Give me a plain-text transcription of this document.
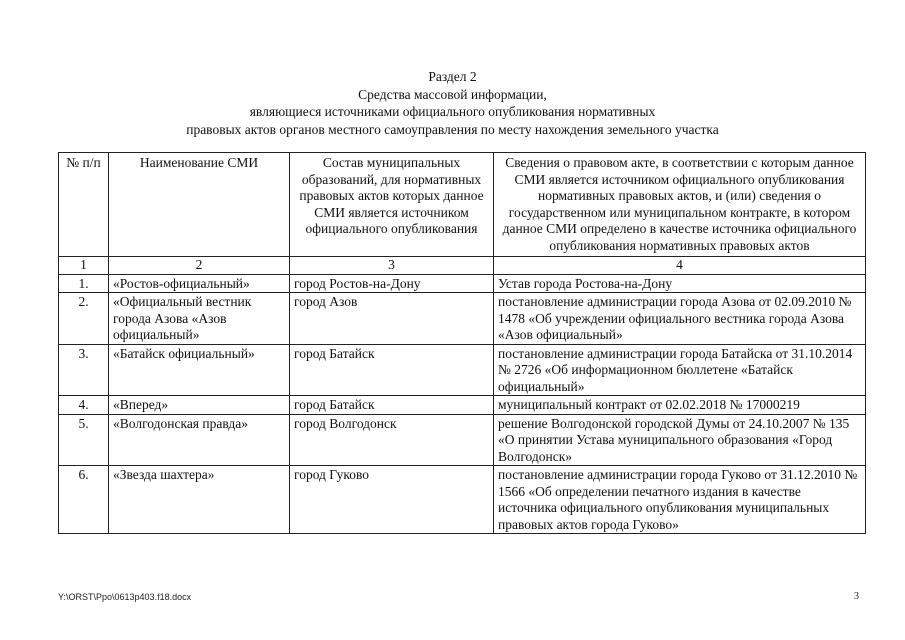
Раздел 2
Средства массовой информации,
являющиеся источниками официального опубликования нормативных
правовых актов органов местного самоуправления по месту нахождения земельного участка
№ п/п	Наименование СМИ	Состав муниципальных образований, для нормативных правовых актов которых данное СМИ является источником официального опубликования	Сведения о правовом акте, в соответствии с которым данное СМИ является источником официального опубликования нормативных правовых актов, и (или) сведения о государственном или муниципальном контракте, в котором данное СМИ определено в качестве источника официального опубликования нормативных правовых актов
1	2	3	4
1.	«Ростов-официальный»	город Ростов-на-Дону	Устав города Ростова-на-Дону
2.	«Официальный вестник города Азова «Азов официальный»	город Азов	постановление администрации города Азова от 02.09.2010 № 1478 «Об учреждении официального вестника города Азова «Азов официальный»
3.	«Батайск официальный»	город Батайск	постановление администрации города Батайска от 31.10.2014 № 2726 «Об информационном бюллетене «Батайск официальный»
4.	«Вперед»	город Батайск	муниципальный контракт от 02.02.2018 № 17000219
5.	«Волгодонская правда»	город Волгодонск	решение Волгодонской городской Думы от 24.10.2007 № 135 «О принятии Устава муниципального образования «Город Волгодонск»
6.	«Звезда шахтера»	город Гуково	постановление администрации города Гуково от 31.12.2010 № 1566 «Об определении печатного издания в качестве источника официального опубликования муниципальных правовых актов города Гуково»
Y:\ORST\Ppo\0613p403.f18.docx	3
